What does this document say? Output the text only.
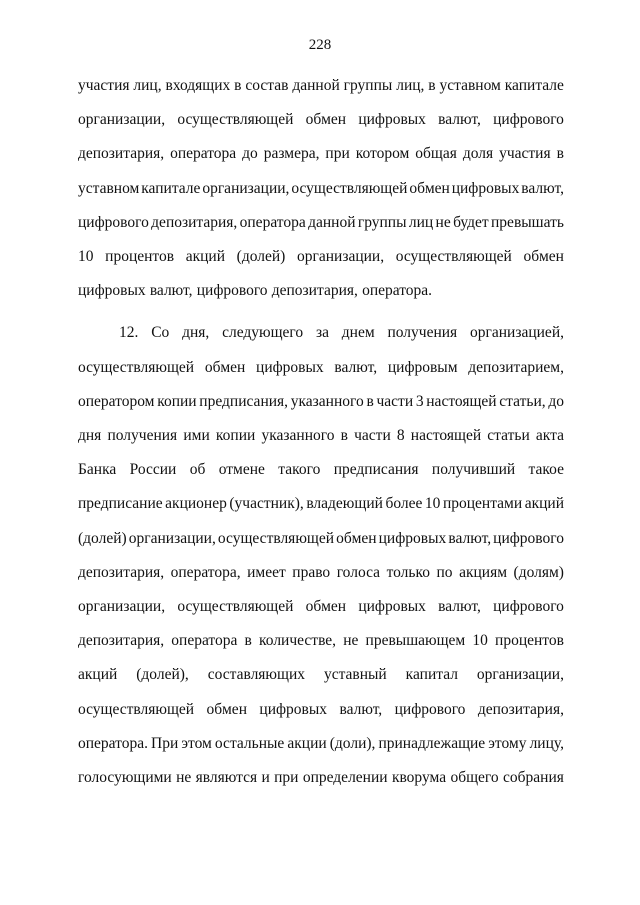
228
участия лиц, входящих в состав данной группы лиц, в уставном капитале
организации, осуществляющей обмен цифровых валют, цифрового
депозитария, оператора до размера, при котором общая доля участия в
уставном капитале организации, осуществляющей обмен цифровых валют,
цифрового депозитария, оператора данной группы лиц не будет превышать
10 процентов акций (долей) организации, осуществляющей обмен
цифровых валют, цифрового депозитария, оператора.
12. Со дня, следующего за днем получения организацией,
осуществляющей обмен цифровых валют, цифровым депозитарием,
оператором копии предписания, указанного в части 3 настоящей статьи, до
дня получения ими копии указанного в части 8 настоящей статьи акта
Банка России об отмене такого предписания получивший такое
предписание акционер (участник), владеющий более 10 процентами акций
(долей) организации, осуществляющей обмен цифровых валют, цифрового
депозитария, оператора, имеет право голоса только по акциям (долям)
организации, осуществляющей обмен цифровых валют, цифрового
депозитария, оператора в количестве, не превышающем 10 процентов
акций (долей), составляющих уставный капитал организации,
осуществляющей обмен цифровых валют, цифрового депозитария,
оператора. При этом остальные акции (доли), принадлежащие этому лицу,
голосующими не являются и при определении кворума общего собрания
